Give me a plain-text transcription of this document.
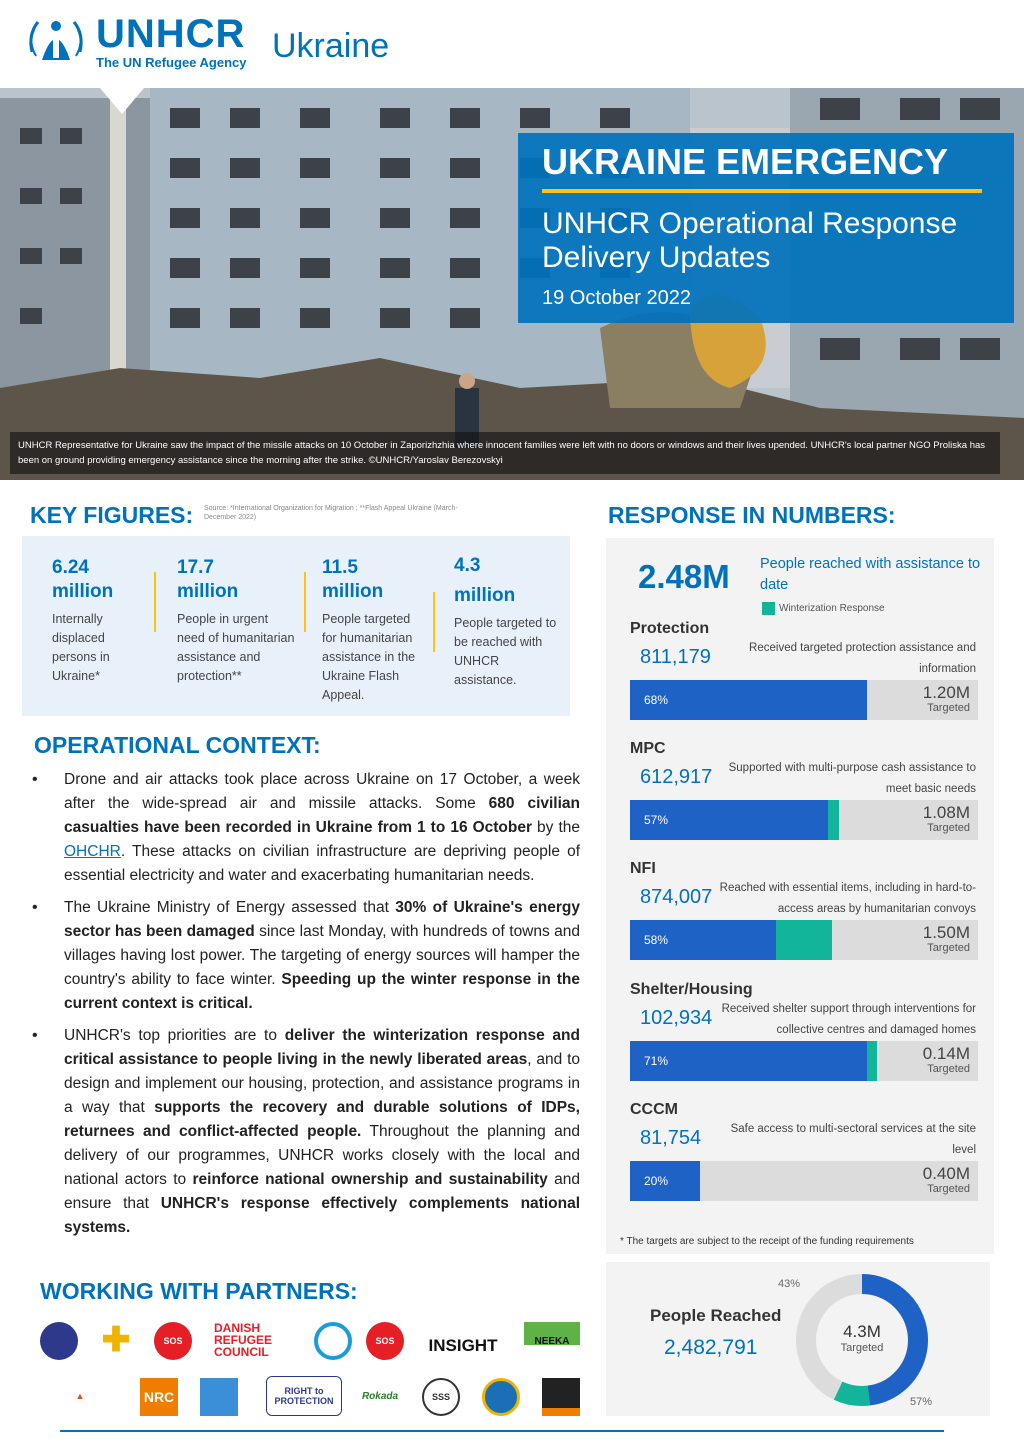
UNHCR
The UN Refugee Agency Ukraine
UKRAINE EMERGENCY
UNHCR Operational Response Delivery Updates
19 October 2022
UNHCR Representative for Ukraine saw the impact of the missile attacks on 10 October in Zaporizhzhia where innocent families were left with no doors or windows and their lives upended. UNHCR's local partner NGO Proliska has been on ground providing emergency assistance since the morning after the strike. ©UNHCR/Yaroslav Berezovskyi
KEY FIGURES: Source: *International Organization for Migration ; **Flash Appeal Ukraine (March-December 2022)
6.24
million
Internally displaced persons in Ukraine*
17.7
million
People in urgent need of humanitarian assistance and protection**
11.5
million
People targeted for humanitarian assistance in the Ukraine Flash Appeal.
4.3
million
People targeted to be reached with UNHCR assistance.
OPERATIONAL CONTEXT:
• Drone and air attacks took place across Ukraine on 17 October, a week after the wide-spread air and missile attacks. Some 680 civilian casualties have been recorded in Ukraine from 1 to 16 October by the OHCHR. These attacks on civilian infrastructure are depriving people of essential electricity and water and exacerbating humanitarian needs.
• The Ukraine Ministry of Energy assessed that 30% of Ukraine's energy sector has been damaged since last Monday, with hundreds of towns and villages having lost power. The targeting of energy sources will hamper the country's ability to face winter. Speeding up the winter response in the current context is critical.
• UNHCR's top priorities are to deliver the winterization response and critical assistance to people living in the newly liberated areas, and to design and implement our housing, protection, and assistance programs in a way that supports the recovery and durable solutions of IDPs, returnees and conflict-affected people. Throughout the planning and delivery of our programmes, UNHCR works closely with the local and national actors to reinforce national ownership and sustainability and ensure that UNHCR's response effectively complements national systems.
WORKING WITH PARTNERS:
✚	SOS
DANISH REFUGEE COUNCIL
SOS	INSIGHT	NEEKA
▲	NRC	RIGHT to PROTECTION	Rokada	SSS
RESPONSE IN NUMBERS:
2.48M People reached with assistance to date
Winterization Response
Protection
811,179	Received targeted protection assistance and information
68%	1.20M
Targeted
MPC
612,917	Supported with multi-purpose cash assistance to meet basic needs
57%	1.08M
Targeted
NFI
874,007 Reached with essential items, including in hard-to-access areas by humanitarian convoys
58%	1.50M
Targeted
Shelter/Housing
102,934 Received shelter support through interventions for collective centres and damaged homes
71%	0.14M
Targeted
CCCM
81,754	Safe access to multi-sectoral services at the site level
20%	0.40M
Targeted
* The targets are subject to the receipt of the funding requirements
People Reached
2,482,791
4.3M
Targeted
43%
57%
